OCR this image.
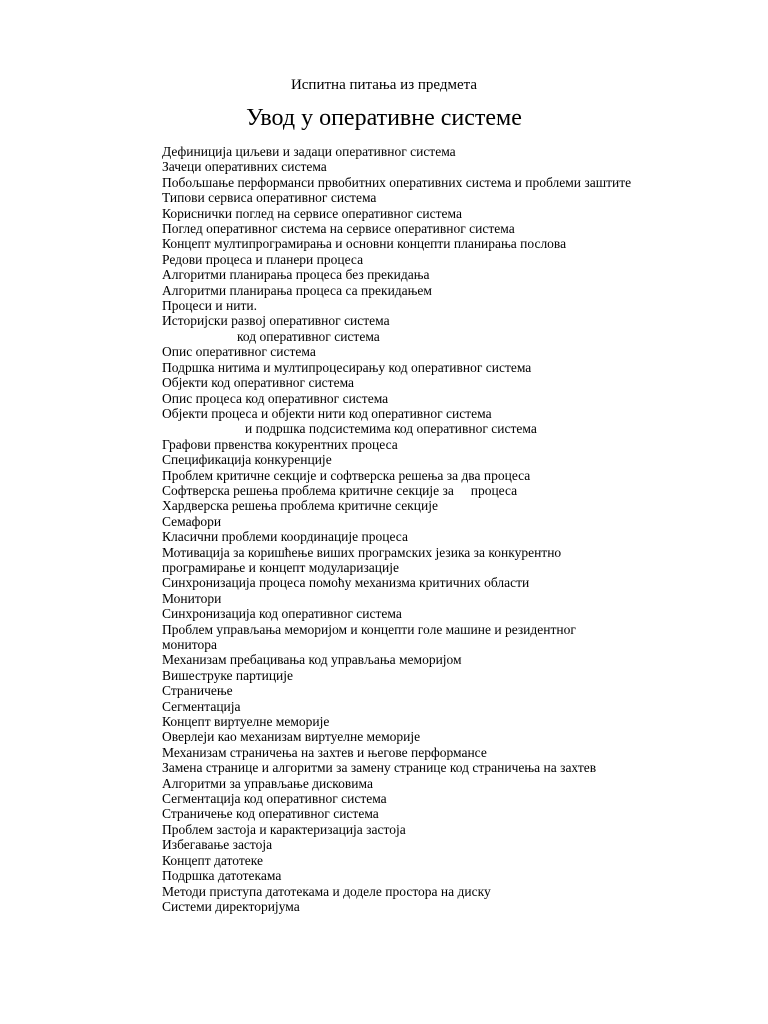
Испитна питања из предмета
Увод у оперативне системе
Дефиниција циљеви и задаци оперативног система
Зачеци оперативних система
Побољшање перформанси првобитних оперативних система и проблеми заштите
Типови сервиса оперативног система
Кориснички поглед на сервисе оперативног система
Поглед оперативног система на сервисе оперативног система
Концепт мултипрограмирања и основни концепти планирања послова
Редови процеса и планери процеса
Алгоритми планирања процеса без прекидања
Алгоритми планирања процеса са прекидањем
Процеси и нити.
Историјски развој оперативног система
код оперативног система
Опис оперативног система
Подршка нитима и мултипроцесирању код оперативног система
Објекти код оперативног система
Опис процеса код оперативног система
Објекти процеса и објекти нити код оперативног система
и подршка подсистемима код оперативног система
Графови првенства кокурентних процеса
Спецификација конкуренције
Проблем критичне секције и софтверска решења за два процеса
Софтверска решења проблема критичне секције за     процеса
Хардверска решења проблема критичне секције
Семафори
Класични проблеми координације процеса
Мотивација за коришћење виших програмских језика за конкурентно програмирање и концепт модуларизације
Синхронизација процеса помоћу механизма критичних области
Монитори
Синхронизација код оперативног система
Проблем управљања меморијом и концепти голе машине и резидентног монитора
Механизам пребацивања код управљања меморијом
Вишеструке партиције
Страничење
Сегментација
Концепт виртуелне меморије
Оверлеји као механизам виртуелне меморије
Механизам страничења на захтев и његове перформансе
Замена странице и алгоритми за замену странице код страничења на захтев
Алгоритми за управљање дисковима
Сегментација код оперативног система
Страничење код оперативног система
Проблем застоја и карактеризација застоја
Избегавање застоја
Концепт датотеке
Подршка датотекама
Методи приступа датотекама и доделе простора на диску
Системи директоријума
